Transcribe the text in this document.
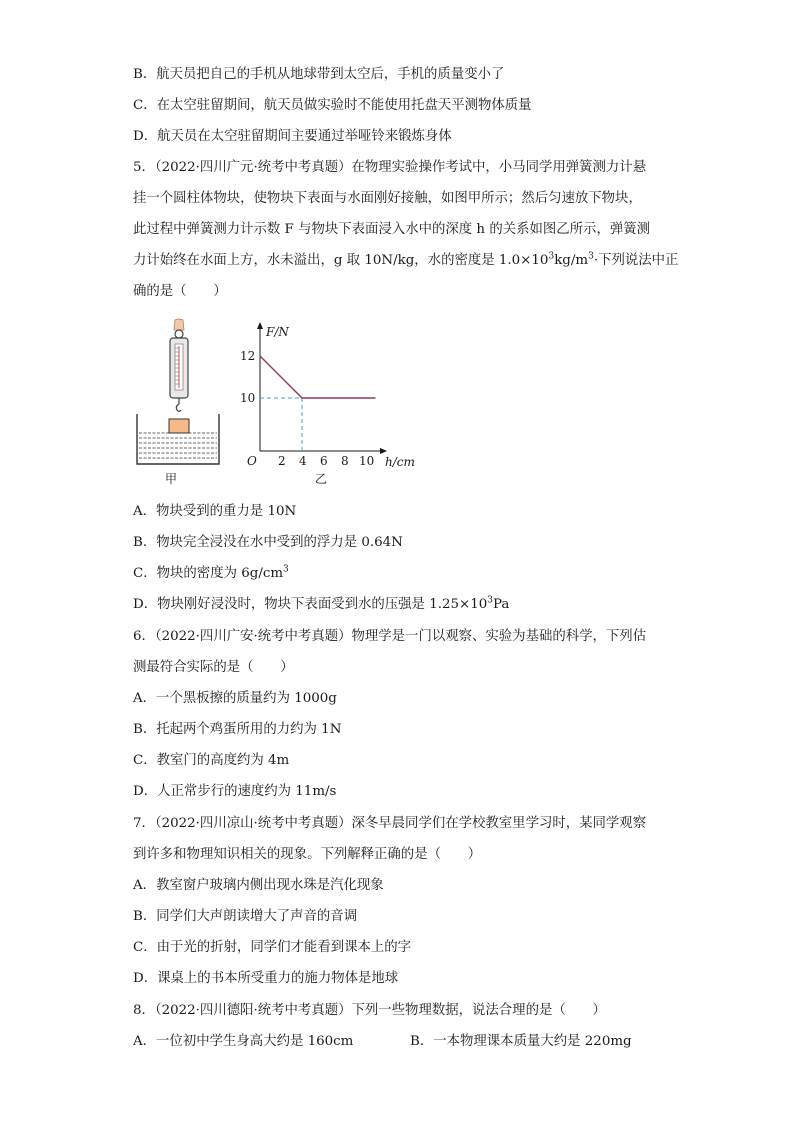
B．航天员把自己的手机从地球带到太空后，手机的质量变小了
C．在太空驻留期间，航天员做实验时不能使用托盘天平测物体质量
D．航天员在太空驻留期间主要通过举哑铃来锻炼身体
5．（2022·四川广元·统考中考真题）在物理实验操作考试中，小马同学用弹簧测力计悬
挂一个圆柱体物块，使物块下表面与水面刚好接触，如图甲所示；然后匀速放下物块，
此过程中弹簧测力计示数 F 与物块下表面浸入水中的深度 h 的关系如图乙所示，弹簧测
力计始终在水面上方，水未溢出，g 取 10N/kg，水的密度是 $1.0\times 10^3kg/m^3\cdot$下列说法中正
确的是（　　）
甲
F/N
h/cm
O 2 4 6 8 10
10
12
乙
A．物块受到的重力是 10N
B．物块完全浸没在水中受到的浮力是 0.64N
C．物块的密度为 $6g/cm^3$
D．物块刚好浸没时，物块下表面受到水的压强是 $1.25\times 10^3Pa$
6．（2022·四川广安·统考中考真题）物理学是一门以观察、实验为基础的科学，下列估
测最符合实际的是（　　）
A．一个黑板擦的质量约为 1000g
B．托起两个鸡蛋所用的力约为 1N
C．教室门的高度约为 4m
D．人正常步行的速度约为 11m/s
7．（2022·四川凉山·统考中考真题）深冬早晨同学们在学校教室里学习时，某同学观察
到许多和物理知识相关的现象。下列解释正确的是（　　）
A．教室窗户玻璃内侧出现水珠是汽化现象
B．同学们大声朗读增大了声音的音调
C．由于光的折射，同学们才能看到课本上的字
D．课桌上的书本所受重力的施力物体是地球
8．（2022·四川德阳·统考中考真题）下列一些物理数据，说法合理的是（　　）
A．一位初中学生身高大约是 160cm	B．一本物理课本质量大约是 220mg
